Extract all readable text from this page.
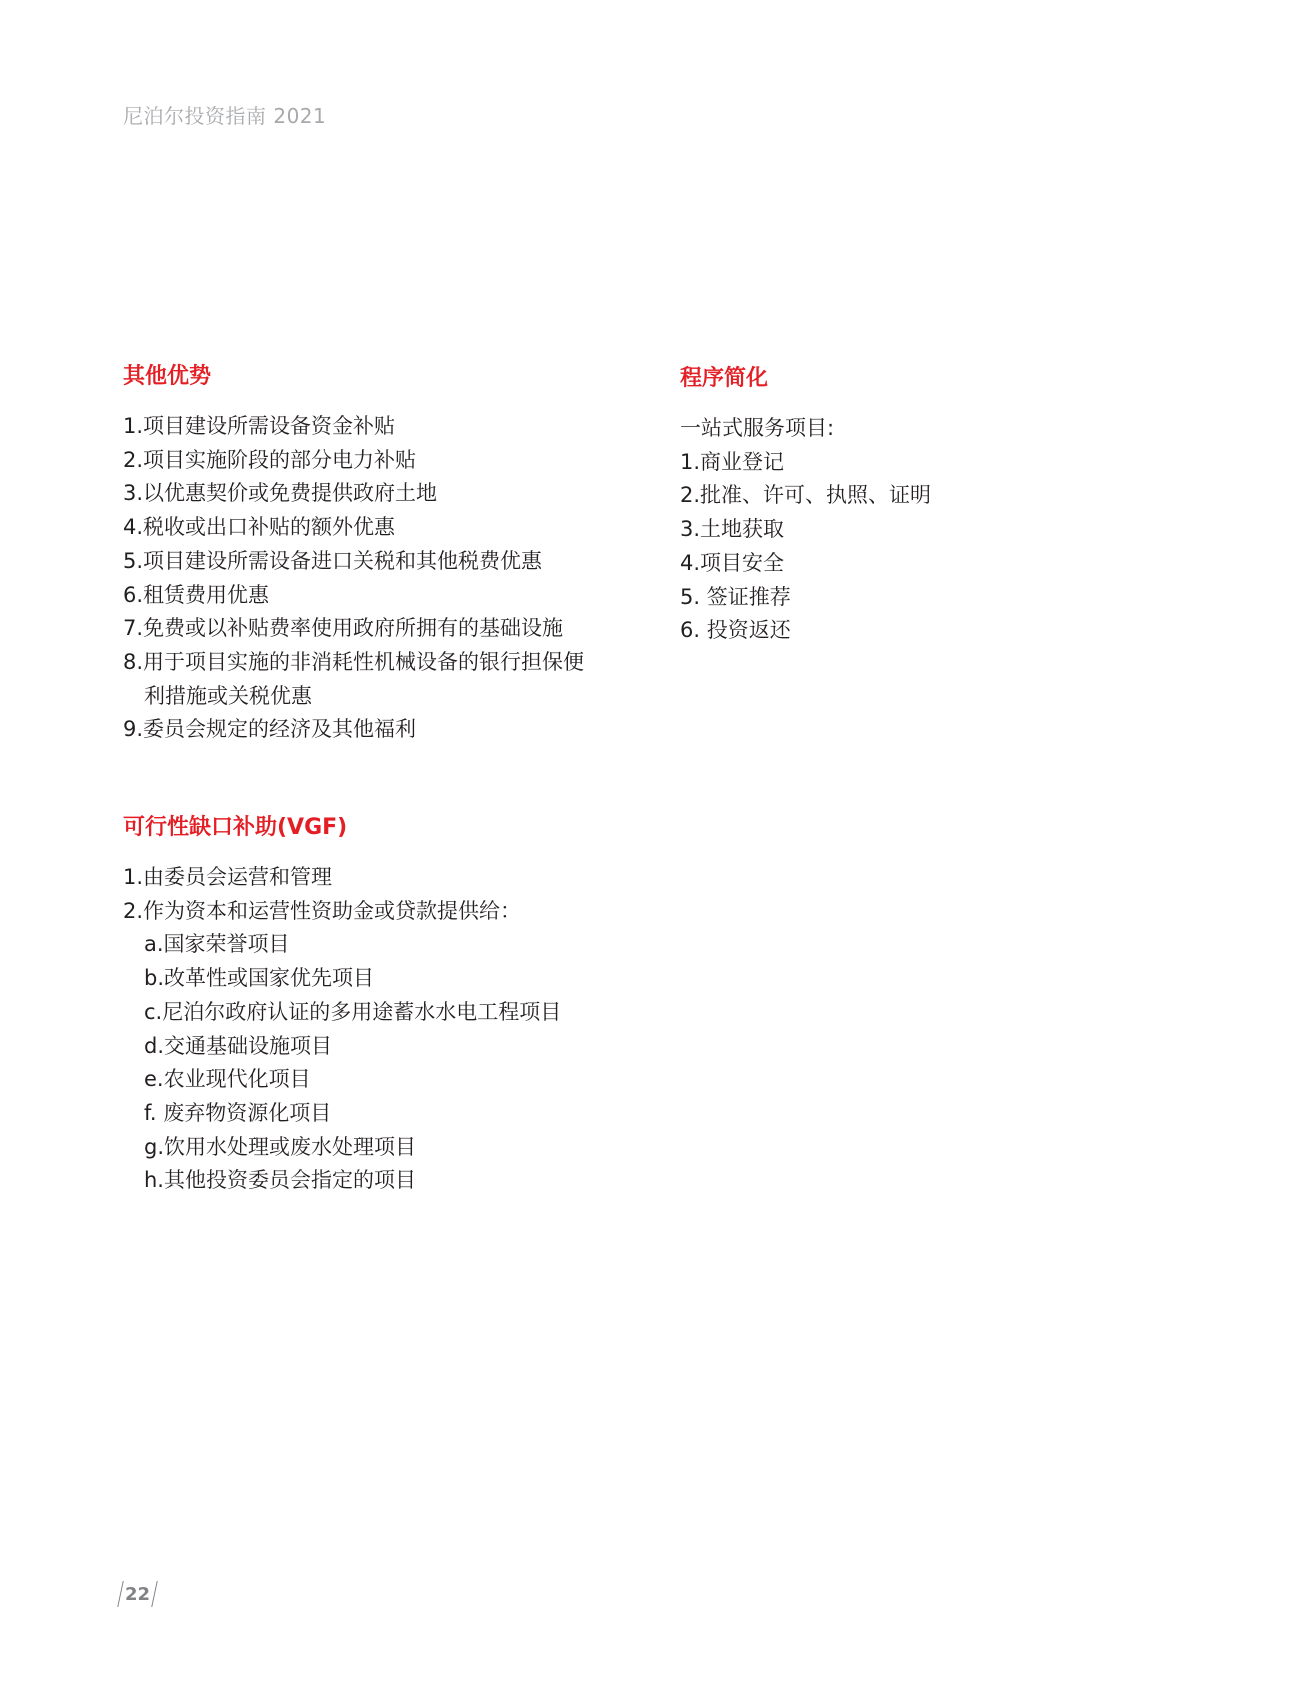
尼泊尔投资指南 2021
其他优势
1.项目建设所需设备资金补贴
2.项目实施阶段的部分电力补贴
3.以优惠契价或免费提供政府土地
4.税收或出口补贴的额外优惠
5.项目建设所需设备进口关税和其他税费优惠
6.租赁费用优惠
7.免费或以补贴费率使用政府所拥有的基础设施
8.用于项目实施的非消耗性机械设备的银行担保便
利措施或关税优惠
9.委员会规定的经济及其他福利
程序简化
一站式服务项目:
1.商业登记
2.批准、许可、执照、证明
3.土地获取
4.项目安全
5. 签证推荐
6. 投资返还
可行性缺口补助(VGF)
1.由委员会运营和管理
2.作为资本和运营性资助金或贷款提供给：
a.国家荣誉项目
b.改革性或国家优先项目
c.尼泊尔政府认证的多用途蓄水水电工程项目
d.交通基础设施项目
e.农业现代化项目
f. 废弃物资源化项目
g.饮用水处理或废水处理项目
h.其他投资委员会指定的项目
22
